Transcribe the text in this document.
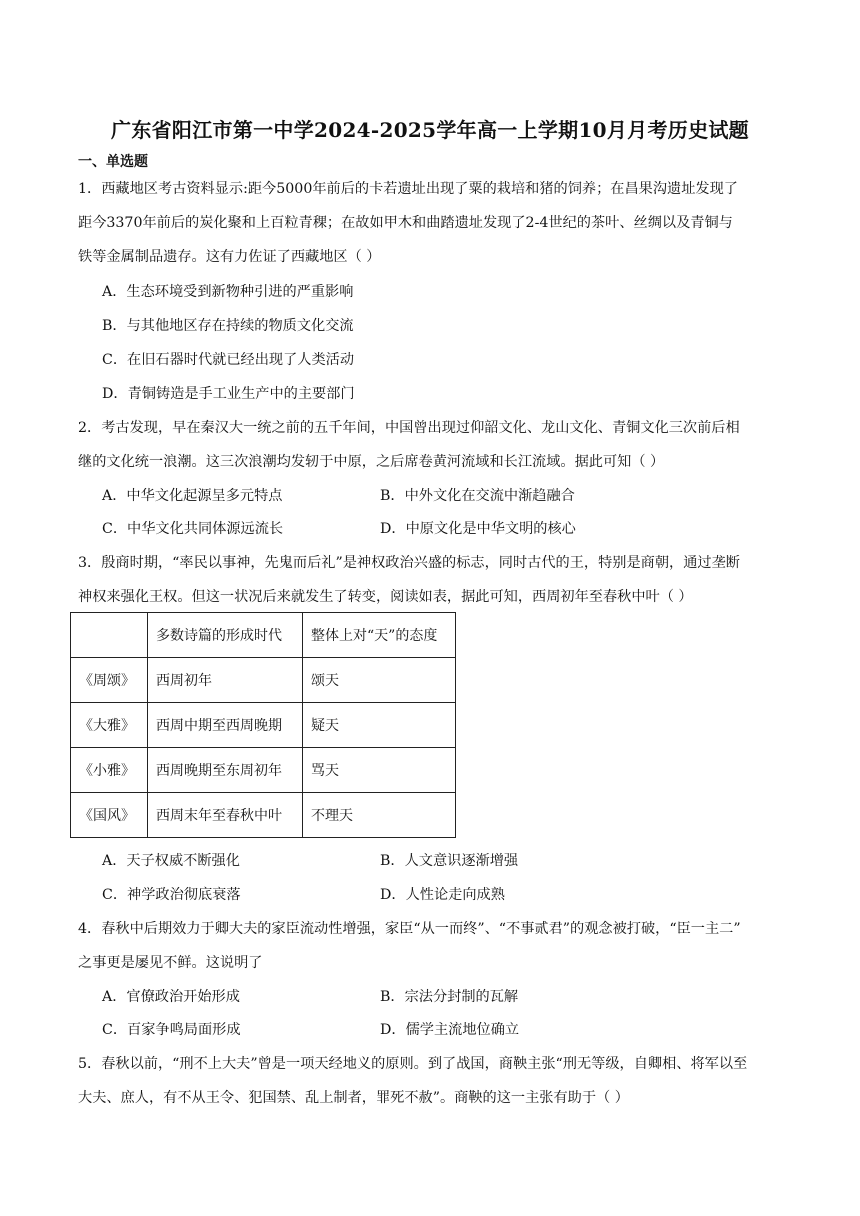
广东省阳江市第一中学2024-2025学年高一上学期10月月考历史试题
一、单选题
1．西藏地区考古资料显示:距今5000年前后的卡若遗址出现了粟的栽培和猪的饲养；在昌果沟遗址发现了
距今3370年前后的炭化聚和上百粒青稞；在故如甲木和曲踏遗址发现了2-4世纪的茶叶、丝绸以及青铜与
铁等金属制品遗存。这有力佐证了西藏地区（ ）
A．生态环境受到新物种引进的严重影响
B．与其他地区存在持续的物质文化交流
C．在旧石器时代就已经出现了人类活动
D．青铜铸造是手工业生产中的主要部门
2．考古发现，早在秦汉大一统之前的五千年间，中国曾出现过仰韶文化、龙山文化、青铜文化三次前后相
继的文化统一浪潮。这三次浪潮均发轫于中原，之后席卷黄河流域和长江流域。据此可知（ ）
A．中华文化起源呈多元特点	B．中外文化在交流中渐趋融合
C．中华文化共同体源远流长	D．中原文化是中华文明的核心
3．殷商时期，“率民以事神，先鬼而后礼”是神权政治兴盛的标志，同时古代的王，特别是商朝，通过垄断
神权来强化王权。但这一状况后来就发生了转变，阅读如表，据此可知，西周初年至春秋中叶（ ）
	多数诗篇的形成时代	整体上对“天”的态度
《周颂》	西周初年	颂天
《大雅》	西周中期至西周晚期	疑天
《小雅》	西周晚期至东周初年	骂天
《国风》	西周末年至春秋中叶	不理天
A．天子权威不断强化	B．人文意识逐渐增强
C．神学政治彻底衰落	D．人性论走向成熟
4．春秋中后期效力于卿大夫的家臣流动性增强，家臣“从一而终”、“不事贰君”的观念被打破，“臣一主二”
之事更是屡见不鲜。这说明了
A．官僚政治开始形成	B．宗法分封制的瓦解
C．百家争鸣局面形成	D．儒学主流地位确立
5．春秋以前，“刑不上大夫”曾是一项天经地义的原则。到了战国，商鞅主张“刑无等级，自卿相、将军以至
大夫、庶人，有不从王令、犯国禁、乱上制者，罪死不赦”。商鞅的这一主张有助于（ ）
